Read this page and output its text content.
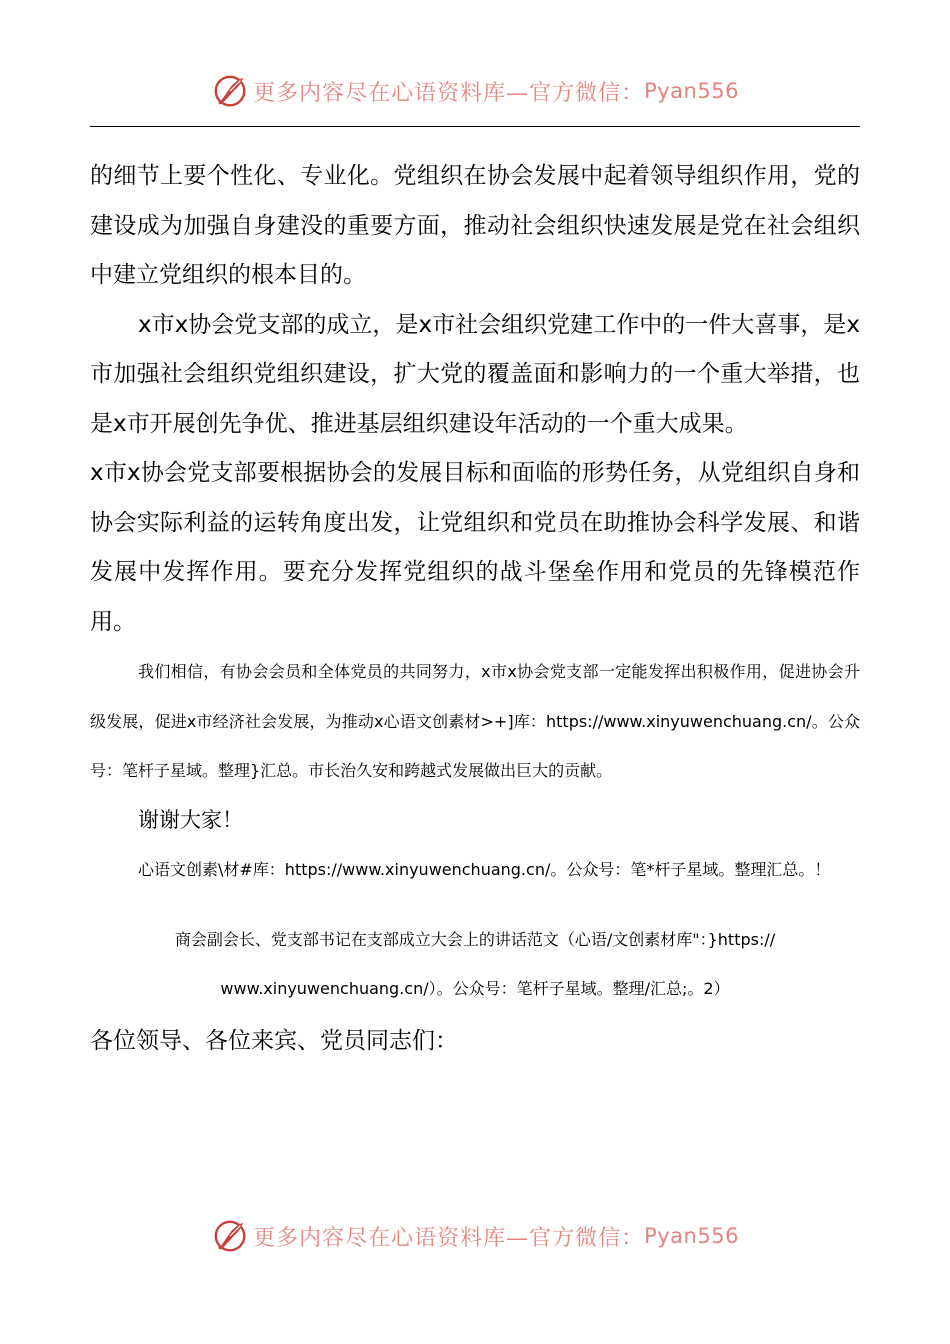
更多内容尽在心语资料库—官方微信： Pyan556

的细节上要个性化、专业化。党组织在协会发展中起着领导组织作用，党的建设成为加强自身建没的重要方面，推动社会组织快速发展是党在社会组织中建立党组织的根本目的。

x市x协会党支部的成立，是x市社会组织党建工作中的一件大喜事，是x市加强社会组织党组织建设，扩大党的覆盖面和影响力的一个重大举措，也是x市开展创先争优、推进基层组织建设年活动的一个重大成果。

x市x协会党支部要根据协会的发展目标和面临的形势任务，从党组织自身和协会实际利益的运转角度出发，让党组织和党员在助推协会科学发展、和谐发展中发挥作用。要充分发挥党组织的战斗堡垒作用和党员的先锋模范作用。

我们相信，有协会会员和全体党员的共同努力，x市x协会党支部一定能发挥出积极作用，促进协会升级发展，促进x市经济社会发展，为推动x心语文创素材>+]库：https://www.xinyuwenchuang.cn/。公众号：笔杆子星域。整理}汇总。市长治久安和跨越式发展做出巨大的贡献。

谢谢大家！

心语文创素\材#库：https://www.xinyuwenchuang.cn/。公众号：笔*杆子星域。整理汇总。！

商会副会长、党支部书记在支部成立大会上的讲话范文（心语/文创素材库"：}https://
www.xinyuwenchuang.cn/）。公众号：笔杆子星域。整理/汇总;。2）

各位领导、各位来宾、党员同志们：

更多内容尽在心语资料库—官方微信： Pyan556
